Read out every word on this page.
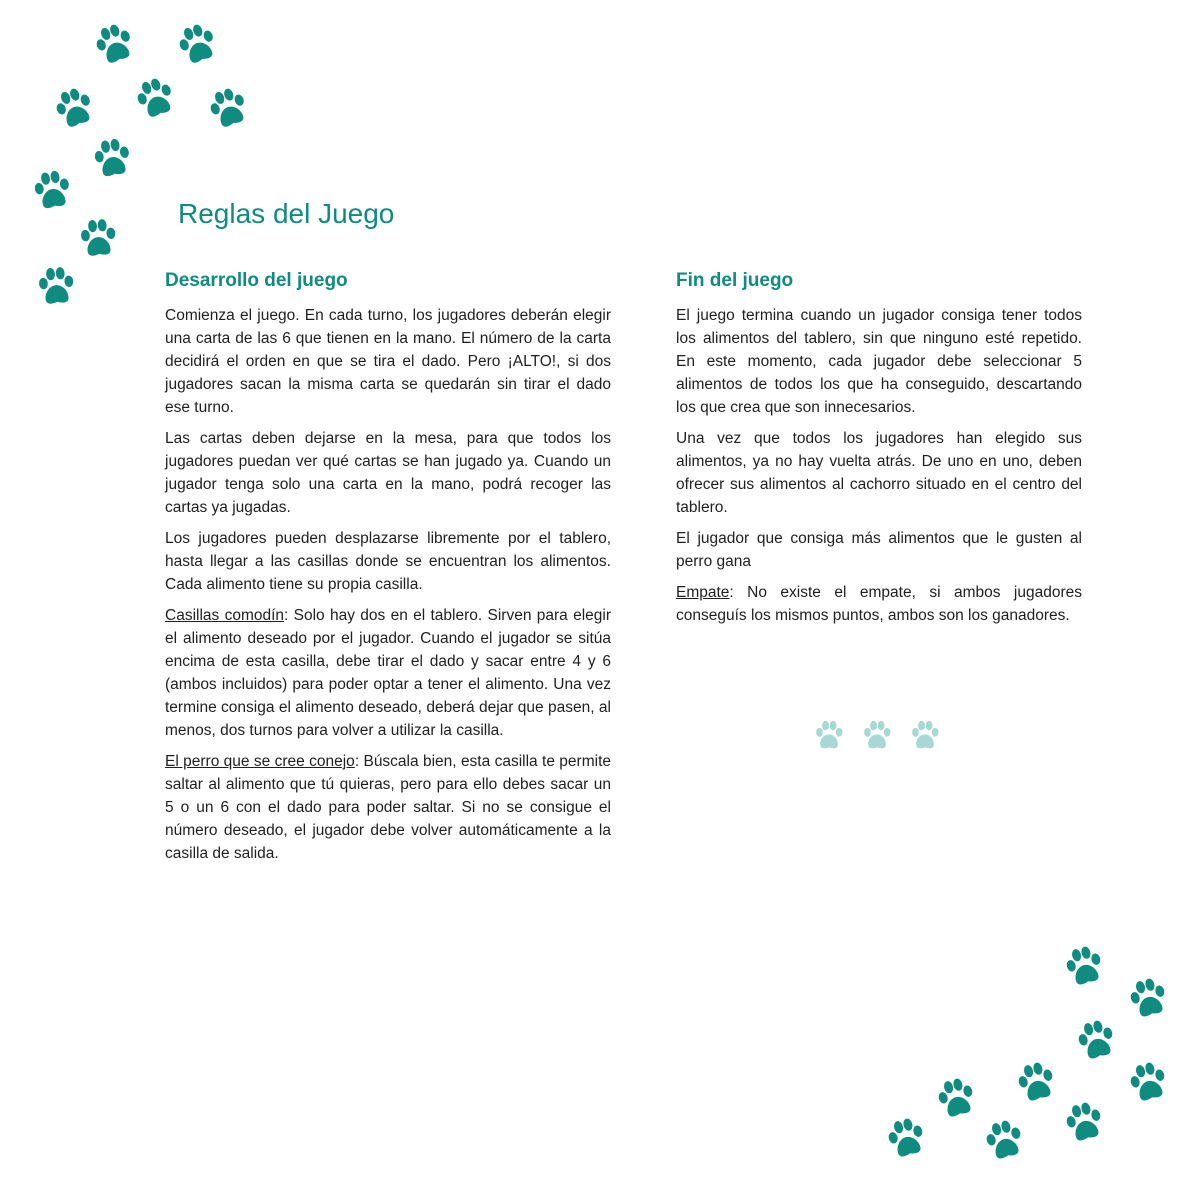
Reglas del Juego
Desarrollo del juego

Comienza el juego. En cada turno, los jugadores deberán elegir una carta de las 6 que tienen en la mano. El número de la carta decidirá el orden en que se tira el dado. Pero ¡ALTO!, si dos jugadores sacan la misma carta se quedarán sin tirar el dado ese turno.

Las cartas deben dejarse en la mesa, para que todos los jugadores puedan ver qué cartas se han jugado ya. Cuando un jugador tenga solo una carta en la mano, podrá recoger las cartas ya jugadas.

Los jugadores pueden desplazarse libremente por el tablero, hasta llegar a las casillas donde se encuentran los alimentos. Cada alimento tiene su propia casilla.

Casillas comodín: Solo hay dos en el tablero. Sirven para elegir el alimento deseado por el jugador. Cuando el jugador se sitúa encima de esta casilla, debe tirar el dado y sacar entre 4 y 6 (ambos incluidos) para poder optar a tener el alimento. Una vez termine consiga el alimento deseado, deberá dejar que pasen, al menos, dos turnos para volver a utilizar la casilla.

El perro que se cree conejo: Búscala bien, esta casilla te permite saltar al alimento que tú quieras, pero para ello debes sacar un 5 o un 6 con el dado para poder saltar. Si no se consigue el número deseado, el jugador debe volver automáticamente a la casilla de salida.

Fin del juego

El juego termina cuando un jugador consiga tener todos los alimentos del tablero, sin que ninguno esté repetido. En este momento, cada jugador debe seleccionar 5 alimentos de todos los que ha conseguido, descartando los que crea que son innecesarios.

Una vez que todos los jugadores han elegido sus alimentos, ya no hay vuelta atrás. De uno en uno, deben ofrecer sus alimentos al cachorro situado en el centro del tablero.

El jugador que consiga más alimentos que le gusten al perro gana

Empate: No existe el empate, si ambos jugadores conseguís los mismos puntos, ambos son los ganadores.
